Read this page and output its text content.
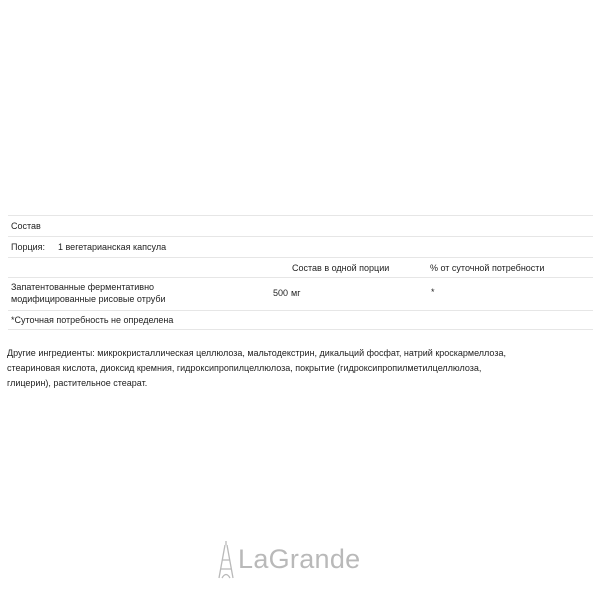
Состав
Порция: 1 вегетарианская капсула
Состав в одной порции	% от суточной потребности
Запатентованные ферментативно
модифицированные рисовые отруби
500 мг	*
*Суточная потребность не определена
Другие ингредиенты: микрокристаллическая целлюлоза, мальтодекстрин, дикальций фосфат, натрий кроскармеллоза,
стеариновая кислота, диоксид кремния, гидроксипропилцеллюлоза, покрытие (гидроксипропилметилцеллюлоза,
глицерин), растительное стеарат.
LaGrande
